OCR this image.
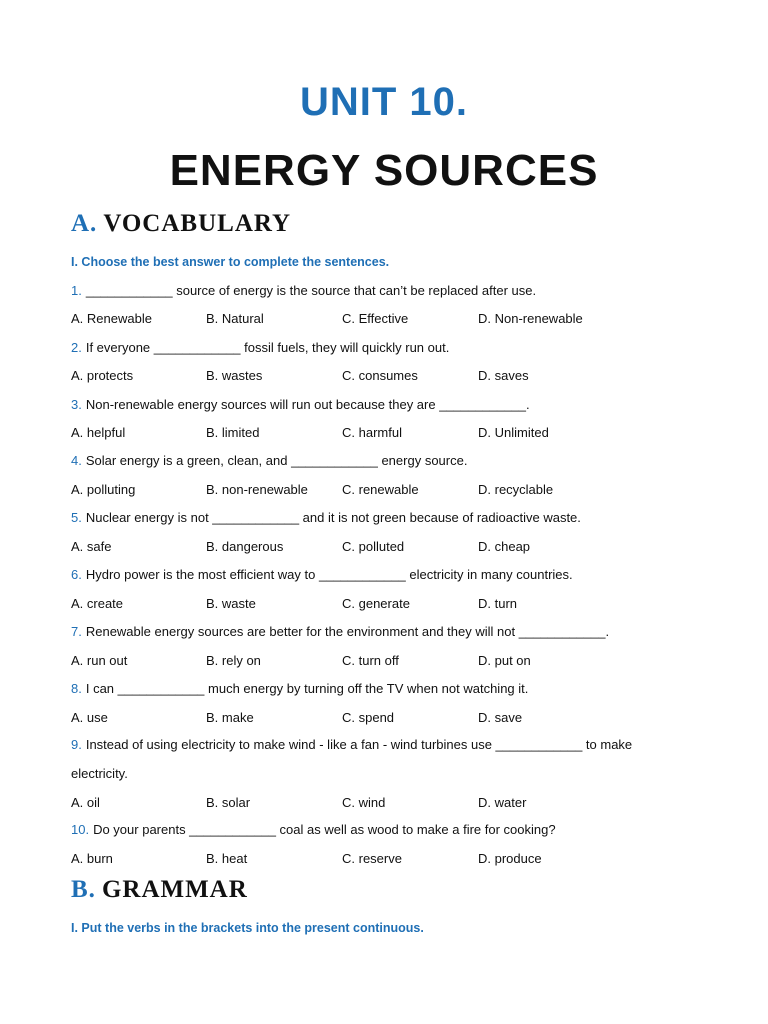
UNIT 10.
ENERGY SOURCES
A. VOCABULARY
I. Choose the best answer to complete the sentences.
1. ____________ source of energy is the source that can’t be replaced after use.
A. Renewable	B. Natural	C. Effective	D. Non-renewable
2. If everyone ____________ fossil fuels, they will quickly run out.
A. protects	B. wastes	C. consumes	D. saves
3. Non-renewable energy sources will run out because they are ____________.
A. helpful	B. limited	C. harmful	D. Unlimited
4. Solar energy is a green, clean, and ____________ energy source.
A. polluting	B. non-renewable	C. renewable	D. recyclable
5. Nuclear energy is not ____________ and it is not green because of radioactive waste.
A. safe	B. dangerous	C. polluted	D. cheap
6. Hydro power is the most efficient way to ____________ electricity in many countries.
A. create	B. waste	C. generate	D. turn
7. Renewable energy sources are better for the environment and they will not ____________.
A. run out	B. rely on	C. turn off	D. put on
8. I can ____________ much energy by turning off the TV when not watching it.
A. use	B. make	C. spend	D. save
9. Instead of using electricity to make wind - like a fan - wind turbines use ____________ to make electricity.
A. oil	B. solar	C. wind	D. water
10. Do your parents ____________ coal as well as wood to make a fire for cooking?
A. burn	B. heat	C. reserve	D. produce
B. GRAMMAR
I. Put the verbs in the brackets into the present continuous.
